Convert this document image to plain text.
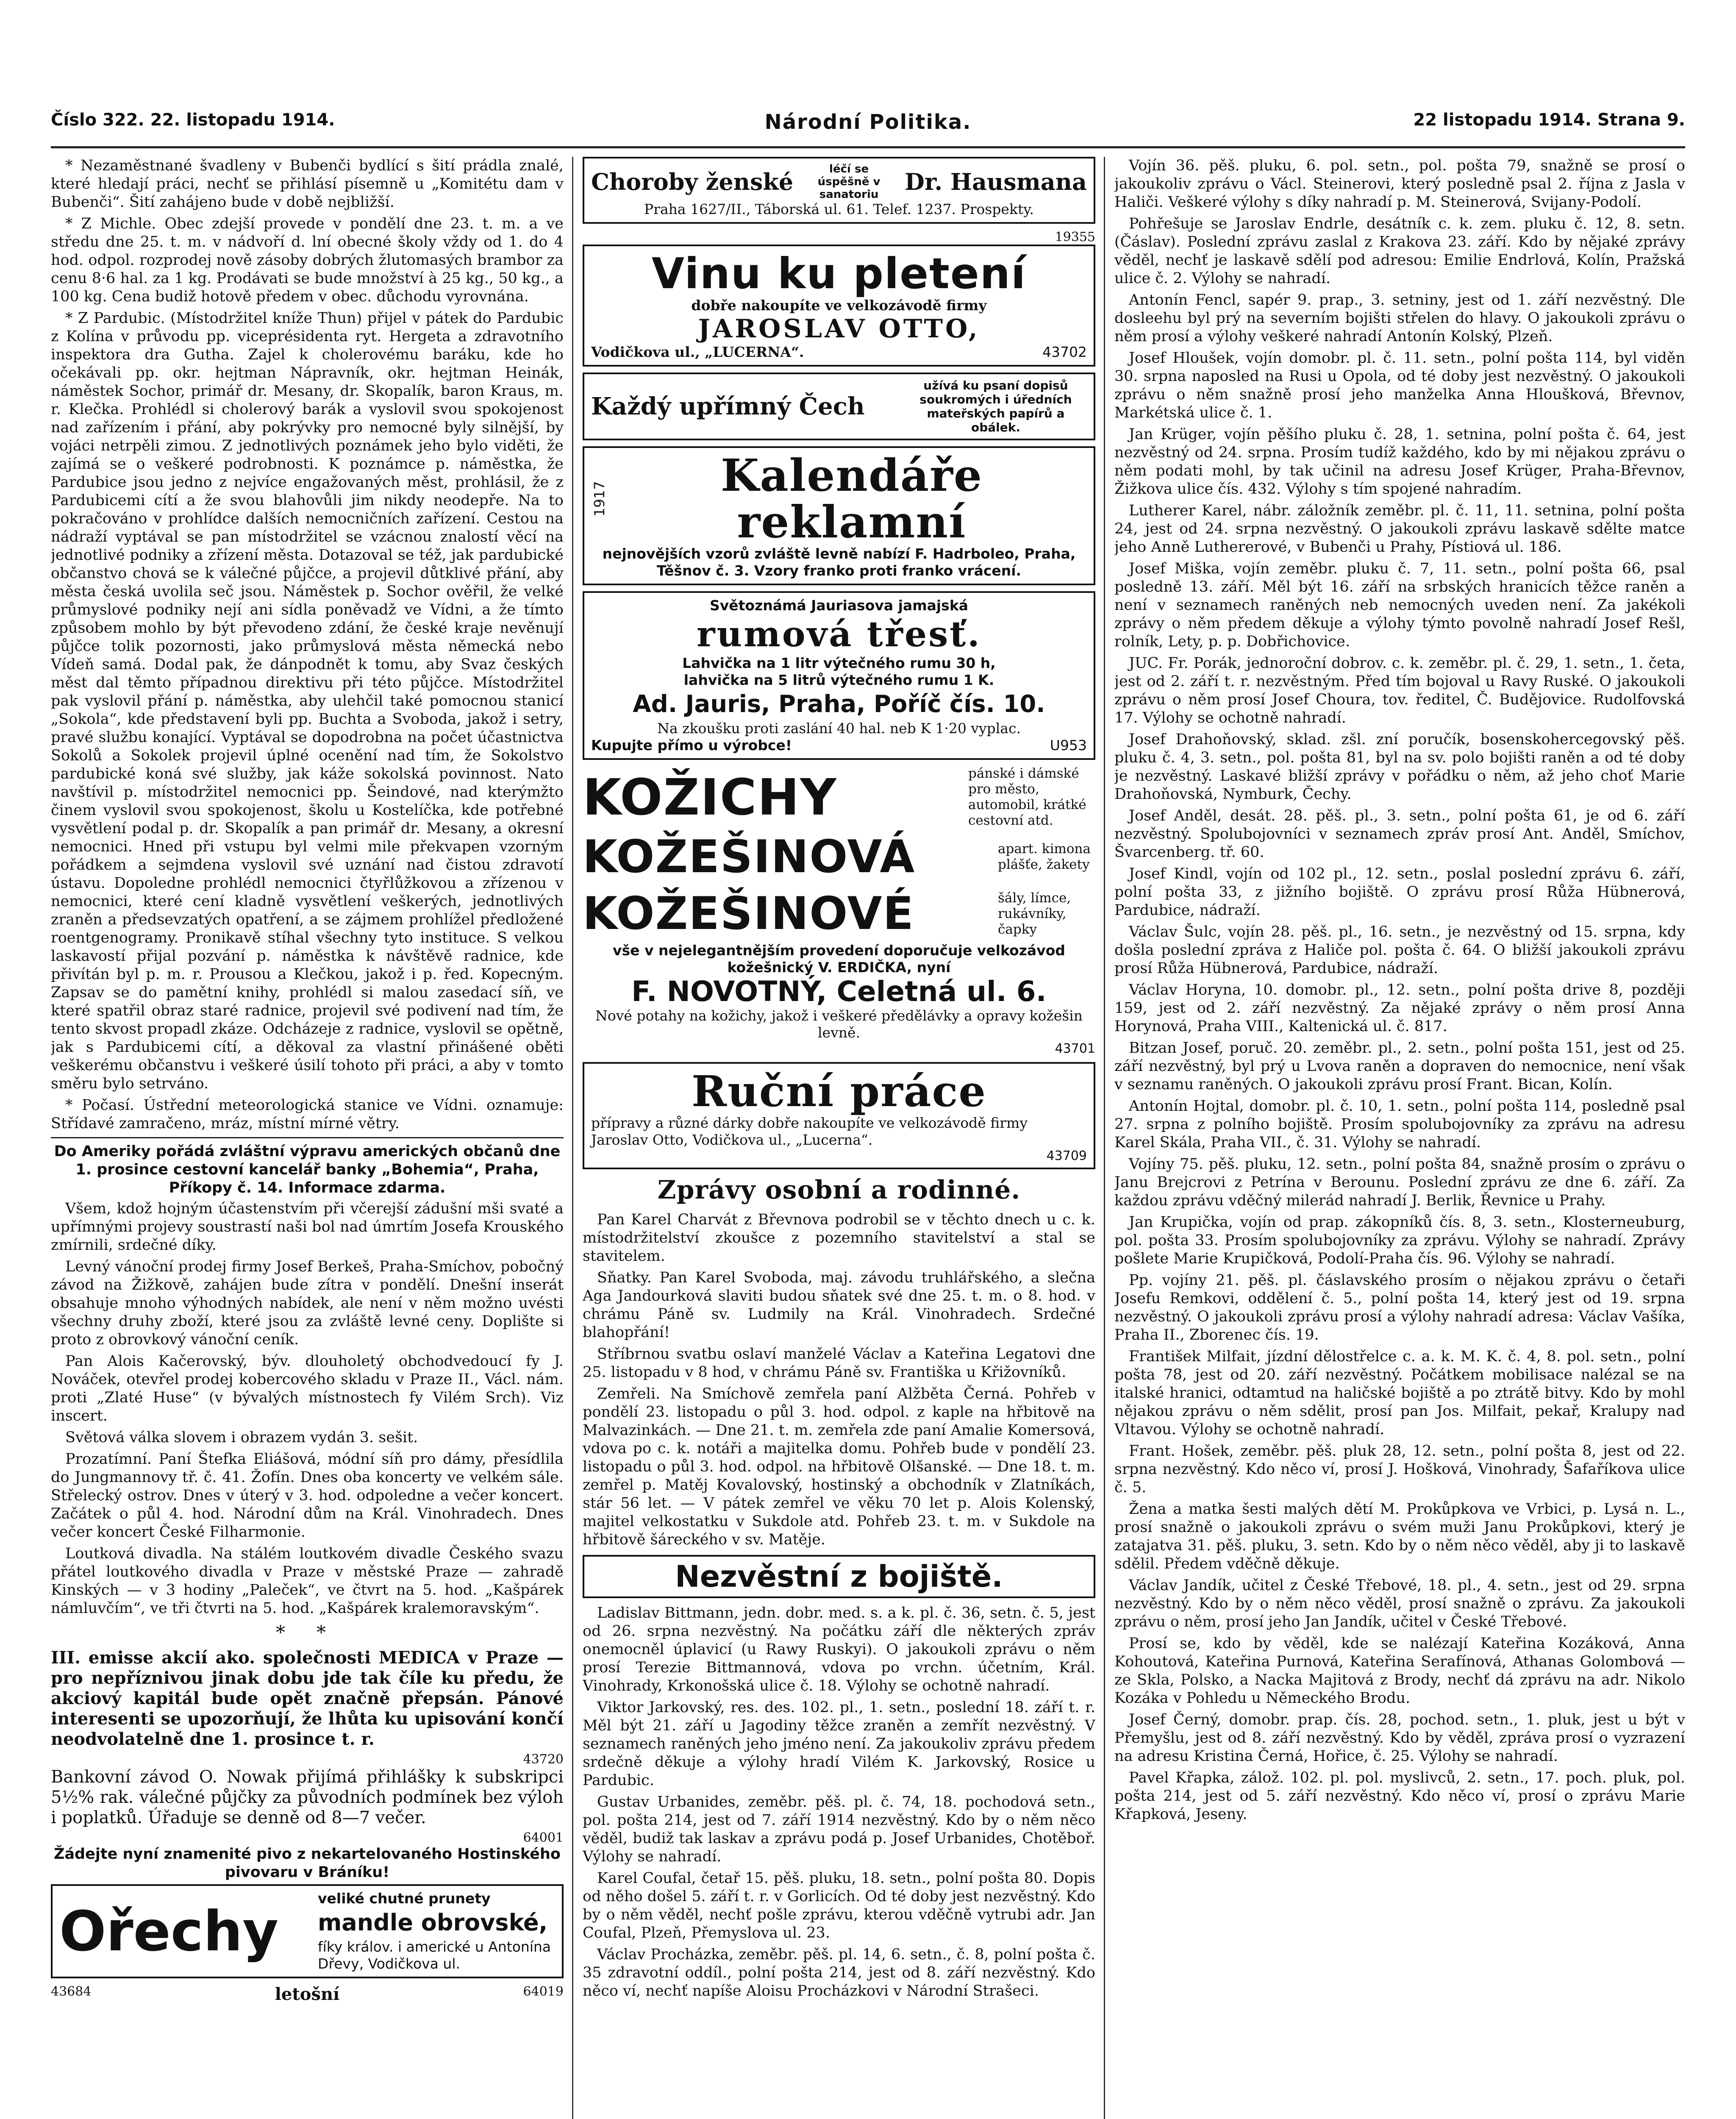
Číslo 322. 22. listopadu 1914.	Národní Politika.	22 listopadu 1914. Strana 9.

* Nezaměstnané švadleny v Bubenči bydlící s šití prádla znalé, které hledají práci, nechť se přihlásí písemně u „Komitétu dam v Bubenči“. Šití zahájeno bude v době nejbližší.

* Z Michle. Obec zdejší provede v pondělí dne 23. t. m. a ve středu dne 25. t. m. v nádvoří d. lní obecné školy vždy od 1. do 4 hod. odpol. rozprodej nově zásoby dobrých žlutomasých brambor za cenu 8·6 hal. za 1 kg. Prodávati se bude množství à 25 kg., 50 kg., a 100 kg. Cena budiž hotově předem v obec. důchodu vyrovnána.

* Z Pardubic. (Místodržitel kníže Thun) přijel v pátek do Pardubic z Kolína v průvodu pp. viceprésidenta ryt. Hergeta a zdravotního inspektora dra Gutha. Zajel k cholerovému baráku, kde ho očekávali pp. okr. hejtman Nápravník, okr. hejtman Heinák, náměstek Sochor, primář dr. Mesany, dr. Skopalík, baron Kraus, m. r. Klečka. Prohlédl si cholerový barák a vyslovil svou spokojenost nad zařízením i přání, aby pokrývky pro nemocné byly silnější, by vojáci netrpěli zimou. Z jednotlivých poznámek jeho bylo viděti, že zajímá se o veškeré podrobnosti. K poznámce p. náměstka, že Pardubice jsou jedno z nejvíce engažovaných měst, prohlásil, že z Pardubicemi cítí a že svou blahovůli jim nikdy neodepře. Na to pokračováno v prohlídce dalších nemocničních zařízení. Cestou na nádraží vyptával se pan místodržitel se vzácnou znalostí věcí na jednotlivé podniky a zřízení města. Dotazoval se též, jak pardubické občanstvo chová se k válečné půjčce, a projevil důtklivé přání, aby města česká uvolila seč jsou. Náměstek p. Sochor ověřil, že velké průmyslové podniky nejí ani sídla poněvadž ve Vídni, a že tímto způsobem mohlo by být převodeno zdání, že české kraje nevěnují půjčce tolik pozornosti, jako průmyslová města německá nebo Vídeň samá. Dodal pak, že dánpodnět k tomu, aby Svaz českých měst dal těmto případnou direktivu při této půjčce. Místodržitel pak vyslovil přání p. náměstka, aby ulehčil také pomocnou stanicí „Sokola“, kde představení byli pp. Buchta a Svoboda, jakož i setry, pravé službu konající. Vyptával se dopodrobna na počet účastnictva Sokolů a Sokolek projevil úplné ocenění nad tím, že Sokolstvo pardubické koná své služby, jak káže sokolská povinnost. Nato navštívil p. místodržitel nemocnici pp. Šeindové, nad kterýmžto činem vyslovil svou spokojenost, školu u Kostelíčka, kde potřebné vysvětlení podal p. dr. Skopalík a pan primář dr. Mesany, a okresní nemocnici. Hned při vstupu byl velmi mile překvapen vzorným pořádkem a sejmdena vyslovil své uznání nad čistou zdravotí ústavu. Dopoledne prohlédl nemocnici čtyřlůžkovou a zřízenou v nemocnici, které cení kladně vysvětlení veškerých, jednotlivých zraněn a předsevzatých opatření, a se zájmem prohlížel předložené roentgenogramy. Pronikavě stíhal všechny tyto instituce. S velkou laskavostí přijal pozvání p. náměstka k návštěvě radnice, kde přivítán byl p. m. r. Prousou a Klečkou, jakož i p. řed. Kopecným. Zapsav se do pamětní knihy, prohlédl si malou zasedací síň, ve které spatřil obraz staré radnice, projevil své podivení nad tím, že tento skvost propadl zkáze. Odcházeje z radnice, vyslovil se opětně, jak s Pardubicemi cítí, a děkoval za vlastní přinášené oběti veškerému občanstvu i veškeré úsilí tohoto při práci, a aby v tomto směru bylo setrváno.

* Počasí. Ústřední meteorologická stanice ve Vídni. oznamuje: Střídavé zamračeno, mráz, místní mírné větry.

Do Ameriky pořádá zvláštní výpravu amerických občanů dne 1. prosince cestovní kancelář banky „Bohemia“, Praha, Příkopy č. 14. Informace zdarma.

Všem, kdož hojným účastenstvím při včerejší zádušní mši svaté a upřímnými projevy soustrastí naši bol nad úmrtím Josefa Krouského zmírnili, srdečné díky.

Levný vánoční prodej firmy Josef Berkeš, Praha-Smíchov, pobočný závod na Žižkově, zahájen bude zítra v pondělí. Dnešní inserát obsahuje mnoho výhodných nabídek, ale není v něm možno uvésti všechny druhy zboží, které jsou za zvláště levné ceny. Doplište si proto z obrovkový vánoční ceník.

Pan Alois Kačerovský, býv. dlouholetý obchodvedoucí fy J. Nováček, otevřel prodej kobercového skladu v Praze II., Václ. nám. proti „Zlaté Huse“ (v bývalých místnostech fy Vilém Srch). Viz inscert.

Světová válka slovem i obrazem vydán 3. sešit.

Prozatímní. Paní Štefka Eliášová, módní síň pro dámy, přesídlila do Jungmannovy tř. č. 41. Žofín. Dnes oba koncerty ve velkém sále. Střelecký ostrov. Dnes v úterý v 3. hod. odpoledne a večer koncert. Začátek o půl 4. hod. Národní dům na Král. Vinohradech. Dnes večer koncert České Filharmonie.

Loutková divadla. Na stálém loutkovém divadle Českého svazu přátel loutkového divadla v Praze v městské Praze — zahradě Kinských — v 3 hodiny „Paleček“, ve čtvrt na 5. hod. „Kašpárek námluvčím“, ve tři čtvrti na 5. hod. „Kašpárek kralemoravským“.

* *

III. emisse akcií ako. společnosti MEDICA v Praze — pro nepříznivou jinak dobu jde tak číle ku předu, že akciový kapitál bude opět značně přepsán. Pánové interesenti se upozorňují, že lhůta ku upisování končí neodvolatelně dne 1. prosince t. r.

43720

Bankovní závod O. Nowak přijímá přihlášky k subskripci 5½% rak. válečné půjčky za původních podmínek bez výloh i poplatků. Úřaduje se denně od 8—7 večer.

64001

Žádejte nyní znamenité pivo z nekartelovaného Hostinského pivovaru v Bráníku!

Ořechy
veliké chutné prunety
mandle obrovské,
fíky králov. i americké u Antonína Dřevy, Vodičkova ul.
43684	letošní	64019
Choroby ženské	léčí se úspěšně v sanatoriu	Dr. Hausmana
Praha 1627/II., Táborská ul. 61. Telef. 1237. Prospekty.
19355
Vinu ku pletení
dobře nakoupíte ve velkozávodě firmy
JAROSLAV OTTO,
Vodičkova ul., „LUCERNA“.	43702
Každý upřímný Čech
užívá ku psaní dopisů soukromých i úředních
mateřských papírů a obálek.
1917	Kalendáře reklamní
nejnovějších vzorů zvláště levně nabízí F. Hadrboleo, Praha, Těšnov č. 3. Vzory franko proti franko vrácení.
Světoznámá Jauriasova jamajská
rumová třesť.
Lahvička na 1 litr výtečného rumu 30 h,
lahvička na 5 litrů výtečného rumu 1 K.
Ad. Jauris, Praha, Poříč čís. 10.
Na zkoušku proti zaslání 40 hal. neb K 1·20 vyplac.
Kupujte přímo u výrobce!	U953
KOŽICHY	pánské i dámské pro město, automobil, krátké cestovní atd.
KOŽEŠINOVÁ	apart. kimona plášťe, žakety
KOŽEŠINOVÉ	šály, límce, rukávníky, čapky
vše v nejelegantnějším provedení doporučuje velkozávod kožešnický V. ERDIČKA, nyní
F. NOVOTNÝ, Celetná ul. 6.
Nové potahy na kožichy, jakož i veškeré předělávky a opravy kožešin levně.
43701
Ruční práce
přípravy a různé dárky dobře nakoupíte ve velkozávodě firmy Jaroslav Otto, Vodičkova ul., „Lucerna“.
43709
Zprávy osobní a rodinné.

Pan Karel Charvát z Břevnova podrobil se v těchto dnech u c. k. místodržitelství zkoušce z pozemního stavitelství a stal se stavitelem.

Sňatky. Pan Karel Svoboda, maj. závodu truhlářského, a slečna Aga Jandourková slaviti budou sňatek své dne 25. t. m. o 8. hod. v chrámu Páně sv. Ludmily na Král. Vinohradech. Srdečné blahopřání!

Stříbrnou svatbu oslaví manželé Václav a Kateřina Legatovi dne 25. listopadu v 8 hod, v chrámu Páně sv. Františka u Křižovníků.

Zemřeli. Na Smíchově zemřela paní Alžběta Černá. Pohřeb v pondělí 23. listopadu o půl 3. hod. odpol. z kaple na hřbitově na Malvazinkách. — Dne 21. t. m. zemřela zde paní Amalie Komersová, vdova po c. k. notáři a majitelka domu. Pohřeb bude v pondělí 23. listopadu o půl 3. hod. odpol. na hřbitově Olšanské. — Dne 18. t. m. zemřel p. Matěj Kovalovský, hostinský a obchodník v Zlatníkách, stár 56 let. — V pátek zemřel ve věku 70 let p. Alois Kolenský, majitel velkostatku v Sukdole atd. Pohřeb 23. t. m. v Sukdole na hřbitově šáreckého v sv. Matěje.

Nezvěstní z bojiště.

Ladislav Bittmann, jedn. dobr. med. s. a k. pl. č. 36, setn. č. 5, jest od 26. srpna nezvěstný. Na počátku září dle některých zpráv onemocněl úplavicí (u Rawy Ruskyi). O jakoukoli zprávu o něm prosí Terezie Bittmannová, vdova po vrchn. účetním, Král. Vinohrady, Krkonošská ulice č. 18. Výlohy se ochotně nahradí.

Viktor Jarkovský, res. des. 102. pl., 1. setn., poslední 18. září t. r. Měl být 21. září u Jagodiny těžce zraněn a zemřít nezvěstný. V seznamech raněných jeho jméno není. Za jakoukoliv zprávu předem srdečně děkuje a výlohy hradí Vilém K. Jarkovský, Rosice u Pardubic.

Gustav Urbanides, zeměbr. pěš. pl. č. 74, 18. pochodová setn., pol. pošta 214, jest od 7. září 1914 nezvěstný. Kdo by o něm něco věděl, budiž tak laskav a zprávu podá p. Josef Urbanides, Chotěboř. Výlohy se nahradí.

Karel Coufal, četař 15. pěš. pluku, 18. setn., polní pošta 80. Dopis od něho došel 5. září t. r. v Gorlicích. Od té doby jest nezvěstný. Kdo by o něm věděl, nechť pošle zprávu, kterou vděčně vytrubi adr. Jan Coufal, Plzeň, Přemyslova ul. 23.

Václav Procházka, zeměbr. pěš. pl. 14, 6. setn., č. 8, polní pošta č. 35 zdravotní oddíl., polní pošta 214, jest od 8. září nezvěstný. Kdo něco ví, nechť napíše Aloisu Procházkovi v Národní Strašeci.

Vojín 36. pěš. pluku, 6. pol. setn., pol. pošta 79, snažně se prosí o jakoukoliv zprávu o Václ. Steinerovi, který posledně psal 2. října z Jasla v Haliči. Veškeré výlohy s díky nahradí p. M. Steinerová, Svijany-Podolí.

Pohřešuje se Jaroslav Endrle, desátník c. k. zem. pluku č. 12, 8. setn. (Čáslav). Poslední zprávu zaslal z Krakova 23. září. Kdo by nějaké zprávy věděl, nechť je laskavě sdělí pod adresou: Emilie Endrlová, Kolín, Pražská ulice č. 2. Výlohy se nahradí.

Antonín Fencl, sapér 9. prap., 3. setniny, jest od 1. září nezvěstný. Dle dosleehu byl prý na severním bojišti střelen do hlavy. O jakoukoli zprávu o něm prosí a výlohy veškeré nahradí Antonín Kolský, Plzeň.

Josef Hloušek, vojín domobr. pl. č. 11. setn., polní pošta 114, byl viděn 30. srpna naposled na Rusi u Opola, od té doby jest nezvěstný. O jakoukoli zprávu o něm snažně prosí jeho manželka Anna Hloušková, Břevnov, Markétská ulice č. 1.

Jan Krüger, vojín pěšího pluku č. 28, 1. setnina, polní pošta č. 64, jest nezvěstný od 24. srpna. Prosím tudíž každého, kdo by mi nějakou zprávu o něm podati mohl, by tak učinil na adresu Josef Krüger, Praha-Břevnov, Žižkova ulice čís. 432. Výlohy s tím spojené nahradím.

Lutherer Karel, nábr. záložník zeměbr. pl. č. 11, 11. setnina, polní pošta 24, jest od 24. srpna nezvěstný. O jakoukoli zprávu laskavě sdělte matce jeho Anně Luthererové, v Bubenči u Prahy, Pístiová ul. 186.

Josef Miška, vojín zeměbr. pluku č. 7, 11. setn., polní pošta 66, psal posledně 13. září. Měl být 16. září na srbských hranicích těžce raněn a není v seznamech raněných neb nemocných uveden není. Za jakékoli zprávy o něm předem děkuje a výlohy týmto povolně nahradí Josef Rešl, rolník, Lety, p. p. Dobřichovice.

JUC. Fr. Porák, jednoroční dobrov. c. k. zeměbr. pl. č. 29, 1. setn., 1. četa, jest od 2. září t. r. nezvěstným. Před tím bojoval u Ravy Ruské. O jakoukoli zprávu o něm prosí Josef Choura, tov. ředitel, Č. Budějovice. Rudolfovská 17. Výlohy se ochotně nahradí.

Josef Drahoňovský, sklad. zšl. zní poručík, bosenskohercegovský pěš. pluku č. 4, 3. setn., pol. pošta 81, byl na sv. polo bojišti raněn a od té doby je nezvěstný. Laskavé bližší zprávy v pořádku o něm, až jeho choť Marie Drahoňovská, Nymburk, Čechy.

Josef Anděl, desát. 28. pěš. pl., 3. setn., polní pošta 61, je od 6. září nezvěstný. Spolubojovníci v seznamech zpráv prosí Ant. Anděl, Smíchov, Švarcenberg. tř. 60.

Josef Kindl, vojín od 102 pl., 12. setn., poslal poslední zprávu 6. září, polní pošta 33, z jižního bojiště. O zprávu prosí Růža Hübnerová, Pardubice, nádraží.

Václav Šulc, vojín 28. pěš. pl., 16. setn., je nezvěstný od 15. srpna, kdy došla poslední zpráva z Haliče pol. pošta č. 64. O bližší jakoukoli zprávu prosí Růža Hübnerová, Pardubice, nádraží.

Václav Horyna, 10. domobr. pl., 12. setn., polní pošta drive 8, později 159, jest od 2. září nezvěstný. Za nějaké zprávy o něm prosí Anna Horynová, Praha VIII., Kaltenická ul. č. 817.

Bitzan Josef, poruč. 20. zeměbr. pl., 2. setn., polní pošta 151, jest od 25. září nezvěstný, byl prý u Lvova raněn a dopraven do nemocnice, není však v seznamu raněných. O jakoukoli zprávu prosí Frant. Bican, Kolín.

Antonín Hojtal, domobr. pl. č. 10, 1. setn., polní pošta 114, posledně psal 27. srpna z polního bojiště. Prosím spolubojovníky za zprávu na adresu Karel Skála, Praha VII., č. 31. Výlohy se nahradí.

Vojíny 75. pěš. pluku, 12. setn., polní pošta 84, snažně prosím o zprávu o Janu Brejcrovi z Petrína v Berounu. Poslední zprávu ze dne 6. září. Za každou zprávu vděčný milerád nahradí J. Berlik, Řevnice u Prahy.

Jan Krupička, vojín od prap. zákopníků čís. 8, 3. setn., Klosterneuburg, pol. pošta 33. Prosím spolubojovníky za zprávu. Výlohy se nahradí. Zprávy pošlete Marie Krupičková, Podolí-Praha čís. 96. Výlohy se nahradí.

Pp. vojíny 21. pěš. pl. čáslavského prosím o nějakou zprávu o četaři Josefu Remkovi, oddělení č. 5., polní pošta 14, který jest od 19. srpna nezvěstný. O jakoukoli zprávu prosí a výlohy nahradí adresa: Václav Vašíka, Praha II., Zborenec čís. 19.

František Milfait, jízdní dělostřelce c. a. k. M. K. č. 4, 8. pol. setn., polní pošta 78, jest od 20. září nezvěstný. Počátkem mobilisace nalézal se na italské hranici, odtamtud na haličské bojiště a po ztrátě bitvy. Kdo by mohl nějakou zprávu o něm sdělit, prosí pan Jos. Milfait, pekař, Kralupy nad Vltavou. Výlohy se ochotně nahradí.

Frant. Hošek, zeměbr. pěš. pluk 28, 12. setn., polní pošta 8, jest od 22. srpna nezvěstný. Kdo něco ví, prosí J. Hošková, Vinohrady, Šafaříkova ulice č. 5.

Žena a matka šesti malých dětí M. Prokůpkova ve Vrbici, p. Lysá n. L., prosí snažně o jakoukoli zprávu o svém muži Janu Prokůpkovi, který je zatajatva 31. pěš. pluku, 3. setn. Kdo by o něm něco věděl, aby ji to laskavě sdělil. Předem vděčně děkuje.

Václav Jandík, učitel z České Třebové, 18. pl., 4. setn., jest od 29. srpna nezvěstný. Kdo by o něm něco věděl, prosí snažně o zprávu. Za jakoukoli zprávu o něm, prosí jeho Jan Jandík, učitel v České Třebové.

Prosí se, kdo by věděl, kde se nalézají Kateřina Kozáková, Anna Kohoutová, Kateřina Purnová, Kateřina Serafínová, Athanas Golombová — ze Skla, Polsko, a Nacka Majitová z Brody, nechť dá zprávu na adr. Nikolo Kozáka v Pohledu u Německého Brodu.

Josef Černý, domobr. prap. čís. 28, pochod. setn., 1. pluk, jest u být v Přemyšlu, jest od 8. září nezvěstný. Kdo by věděl, zpráva prosí o vyzrazení na adresu Kristina Černá, Hořice, č. 25. Výlohy se nahradí.

Pavel Křapka, zálož. 102. pl. pol. myslivců, 2. setn., 17. poch. pluk, pol. pošta 214, jest od 5. září nezvěstný. Kdo něco ví, prosí o zprávu Marie Křapková, Jeseny.
